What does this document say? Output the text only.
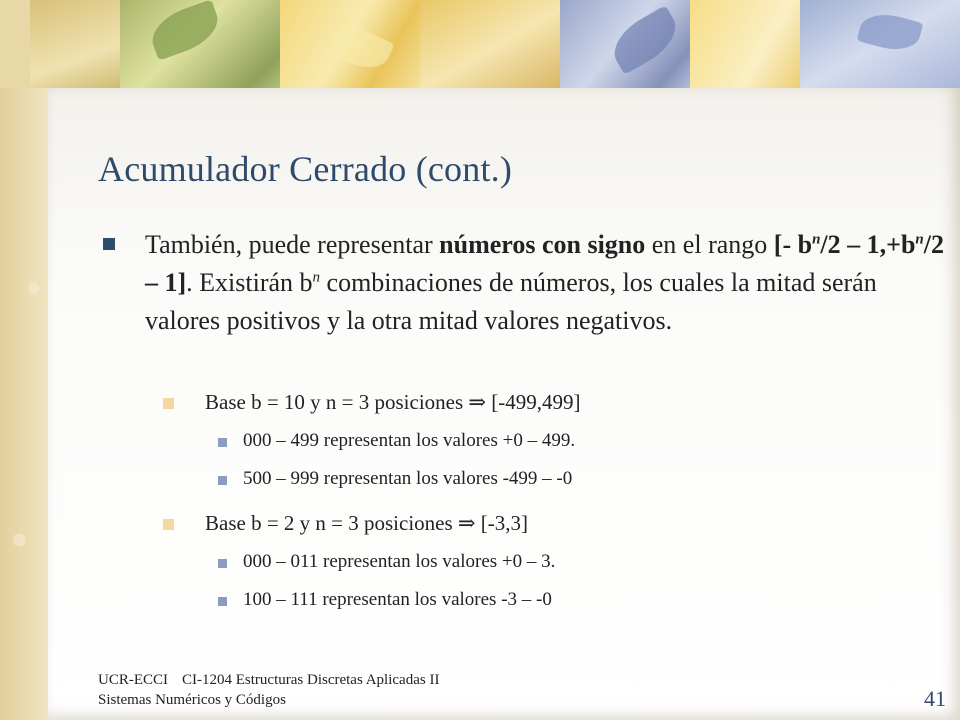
Acumulador Cerrado (cont.)

También, puede representar números con signo en el rango [- $b^n/2 - 1,+b^n/2 - 1$]. Existirán $b^n$ combinaciones de números, los cuales la mitad serán valores positivos y la otra mitad valores negativos.

Base b = 10 y n = 3 posiciones ⇒ [-499,499]

000 – 499 representan los valores +0 – 499.

500 – 999 representan los valores -499 – -0

Base b = 2 y n = 3 posiciones ⇒ [-3,3]

000 – 011 representan los valores +0 – 3.

100 – 111 representan los valores -3 – -0

UCR-ECCI CI-1204 Estructuras Discretas Aplicadas II
Sistemas Numéricos y Códigos	41
